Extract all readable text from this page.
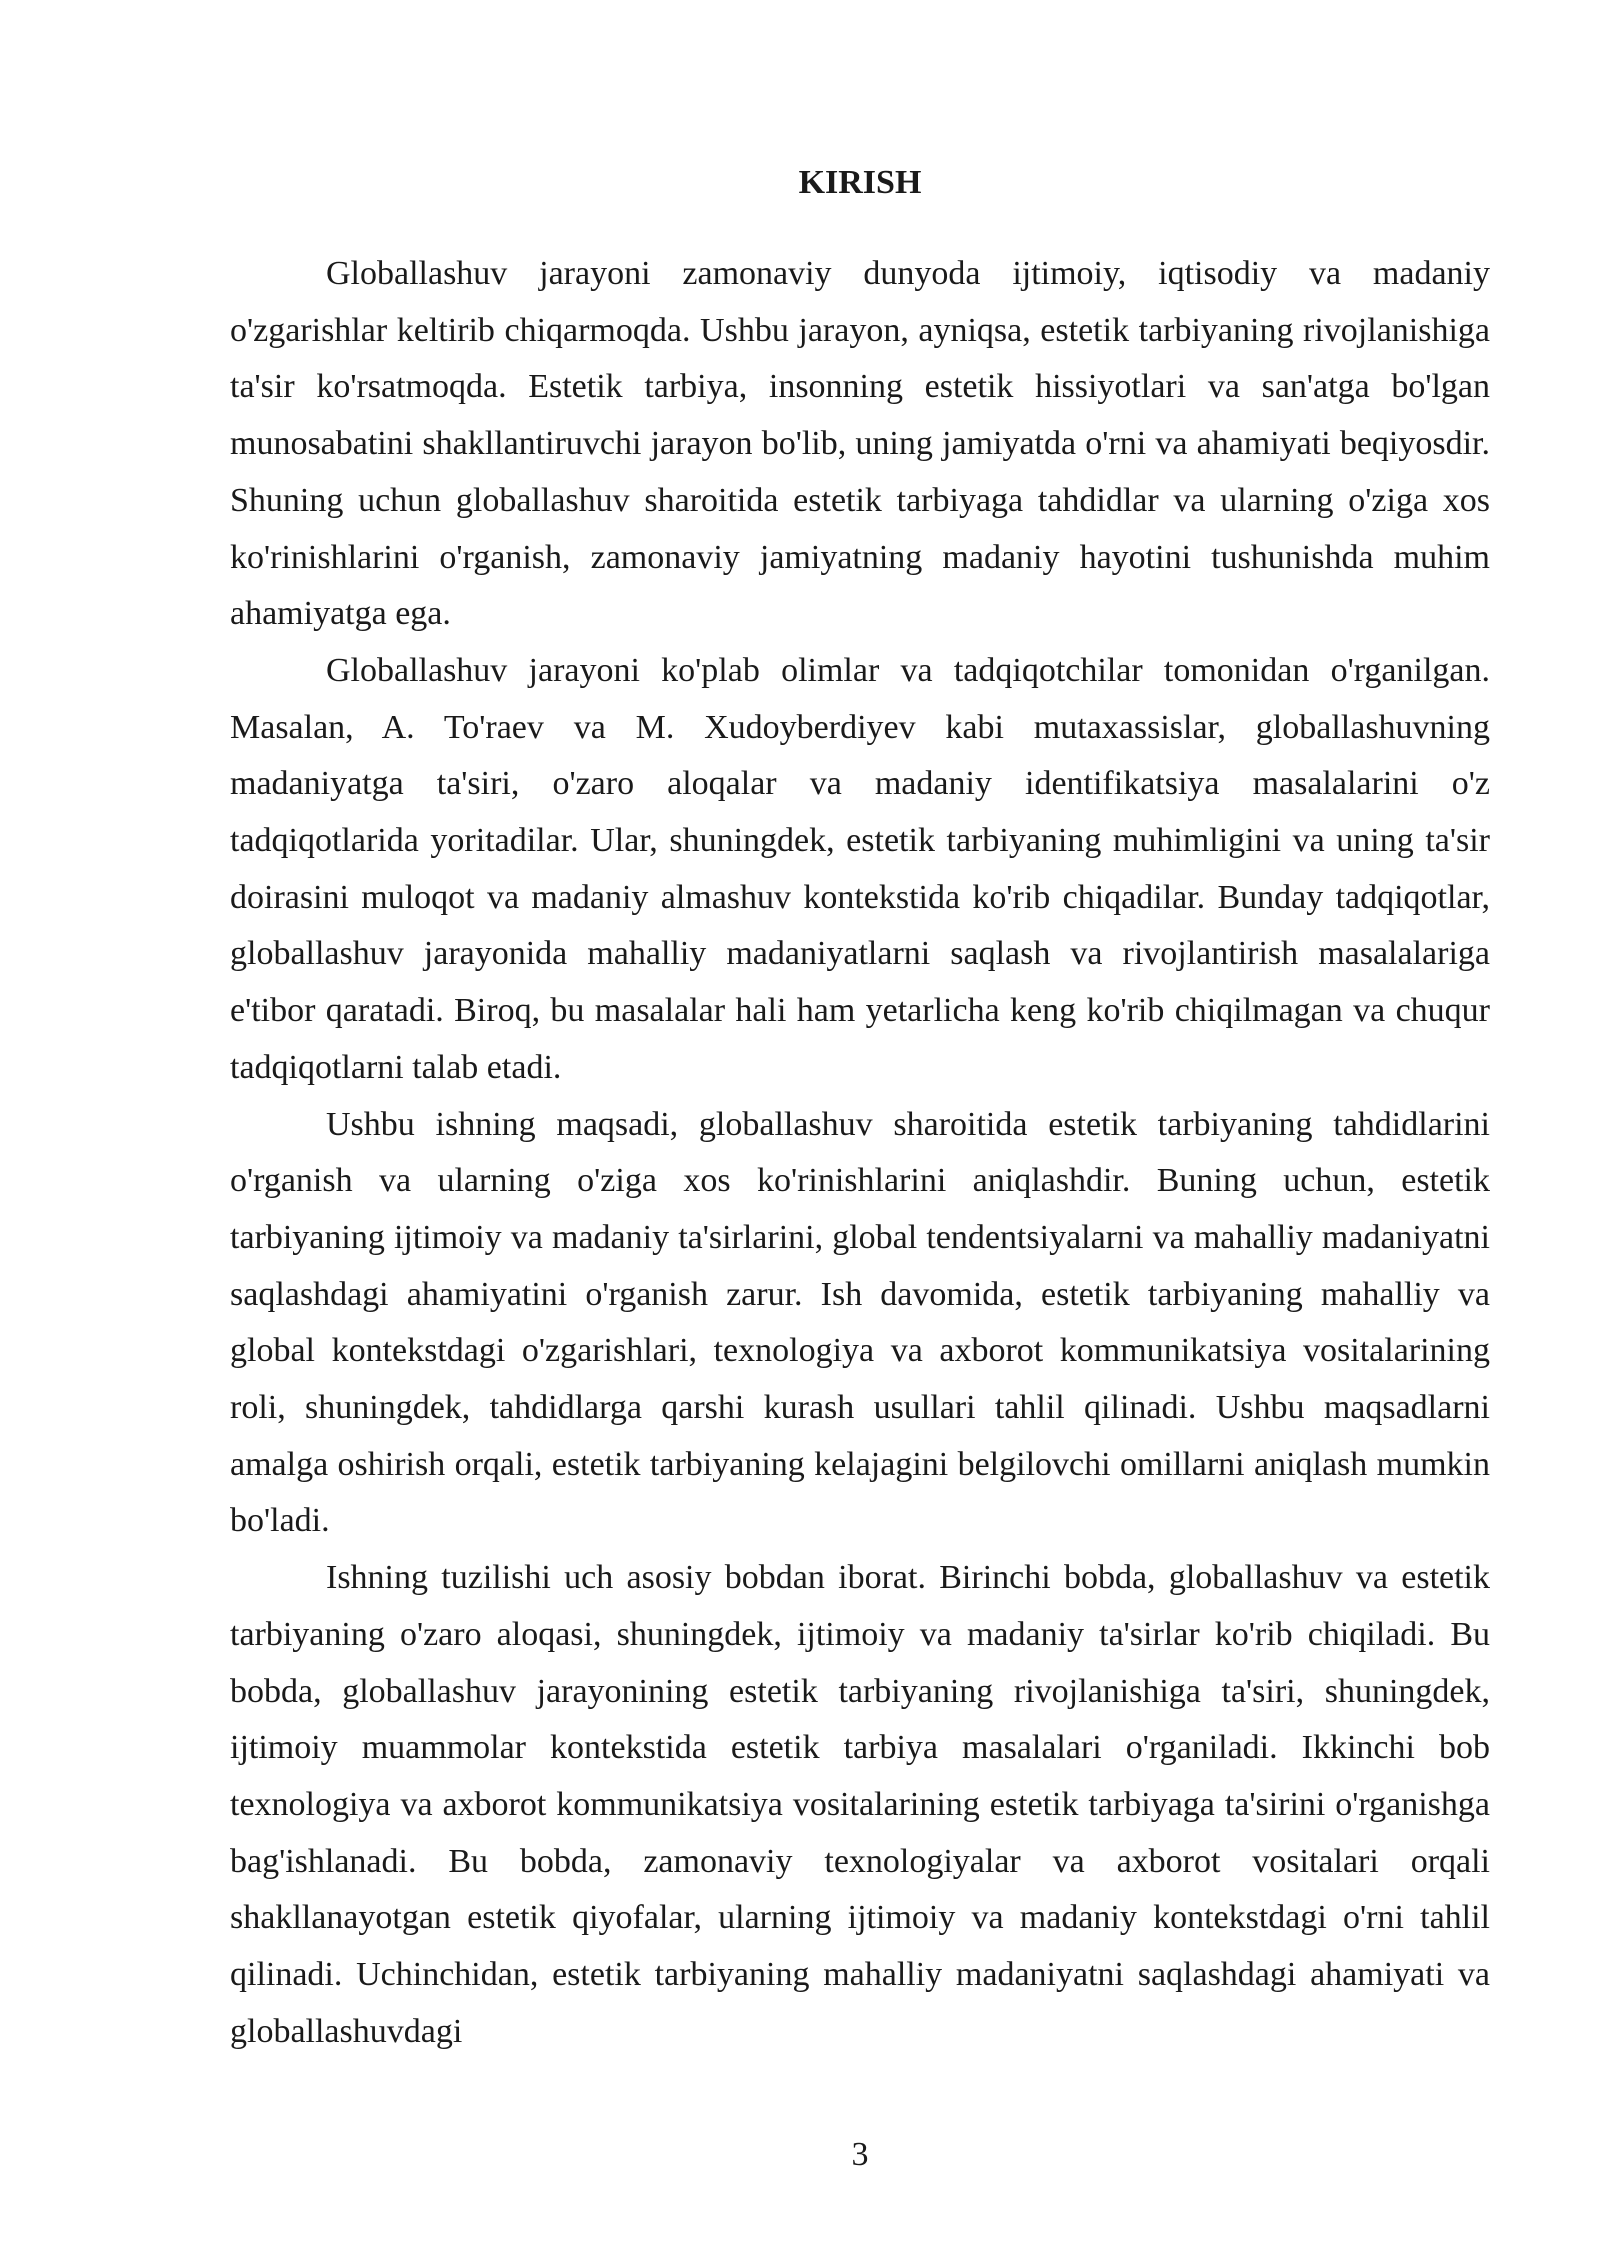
KIRISH

Globallashuv jarayoni zamonaviy dunyoda ijtimoiy, iqtisodiy va madaniy o'zgarishlar keltirib chiqarmoqda. Ushbu jarayon, ayniqsa, estetik tarbiyaning rivojlanishiga ta'sir ko'rsatmoqda. Estetik tarbiya, insonning estetik hissiyotlari va san'atga bo'lgan munosabatini shakllantiruvchi jarayon bo'lib, uning jamiyatda o'rni va ahamiyati beqiyosdir. Shuning uchun globallashuv sharoitida estetik tarbiyaga tahdidlar va ularning o'ziga xos ko'rinishlarini o'rganish, zamonaviy jamiyatning madaniy hayotini tushunishda muhim ahamiyatga ega.

Globallashuv jarayoni ko'plab olimlar va tadqiqotchilar tomonidan o'rganilgan. Masalan, A. To'raev va M. Xudoyberdiyev kabi mutaxassislar, globallashuvning madaniyatga ta'siri, o'zaro aloqalar va madaniy identifikatsiya masalalarini o'z tadqiqotlarida yoritadilar. Ular, shuningdek, estetik tarbiyaning muhimligini va uning ta'sir doirasini muloqot va madaniy almashuv kontekstida ko'rib chiqadilar. Bunday tadqiqotlar, globallashuv jarayonida mahalliy madaniyatlarni saqlash va rivojlantirish masalalariga e'tibor qaratadi. Biroq, bu masalalar hali ham yetarlicha keng ko'rib chiqilmagan va chuqur tadqiqotlarni talab etadi.

Ushbu ishning maqsadi, globallashuv sharoitida estetik tarbiyaning tahdidlarini o'rganish va ularning o'ziga xos ko'rinishlarini aniqlashdir. Buning uchun, estetik tarbiyaning ijtimoiy va madaniy ta'sirlarini, global tendentsiyalarni va mahalliy madaniyatni saqlashdagi ahamiyatini o'rganish zarur. Ish davomida, estetik tarbiyaning mahalliy va global kontekstdagi o'zgarishlari, texnologiya va axborot kommunikatsiya vositalarining roli, shuningdek, tahdidlarga qarshi kurash usullari tahlil qilinadi. Ushbu maqsadlarni amalga oshirish orqali, estetik tarbiyaning kelajagini belgilovchi omillarni aniqlash mumkin bo'ladi.

Ishning tuzilishi uch asosiy bobdan iborat. Birinchi bobda, globallashuv va estetik tarbiyaning o'zaro aloqasi, shuningdek, ijtimoiy va madaniy ta'sirlar ko'rib chiqiladi. Bu bobda, globallashuv jarayonining estetik tarbiyaning rivojlanishiga ta'siri, shuningdek, ijtimoiy muammolar kontekstida estetik tarbiya masalalari o'rganiladi. Ikkinchi bob texnologiya va axborot kommunikatsiya vositalarining estetik tarbiyaga ta'sirini o'rganishga bag'ishlanadi. Bu bobda, zamonaviy texnologiyalar va axborot vositalari orqali shakllanayotgan estetik qiyofalar, ularning ijtimoiy va madaniy kontekstdagi o'rni tahlil qilinadi. Uchinchidan, estetik tarbiyaning mahalliy madaniyatni saqlashdagi ahamiyati va globallashuvdagi

3
